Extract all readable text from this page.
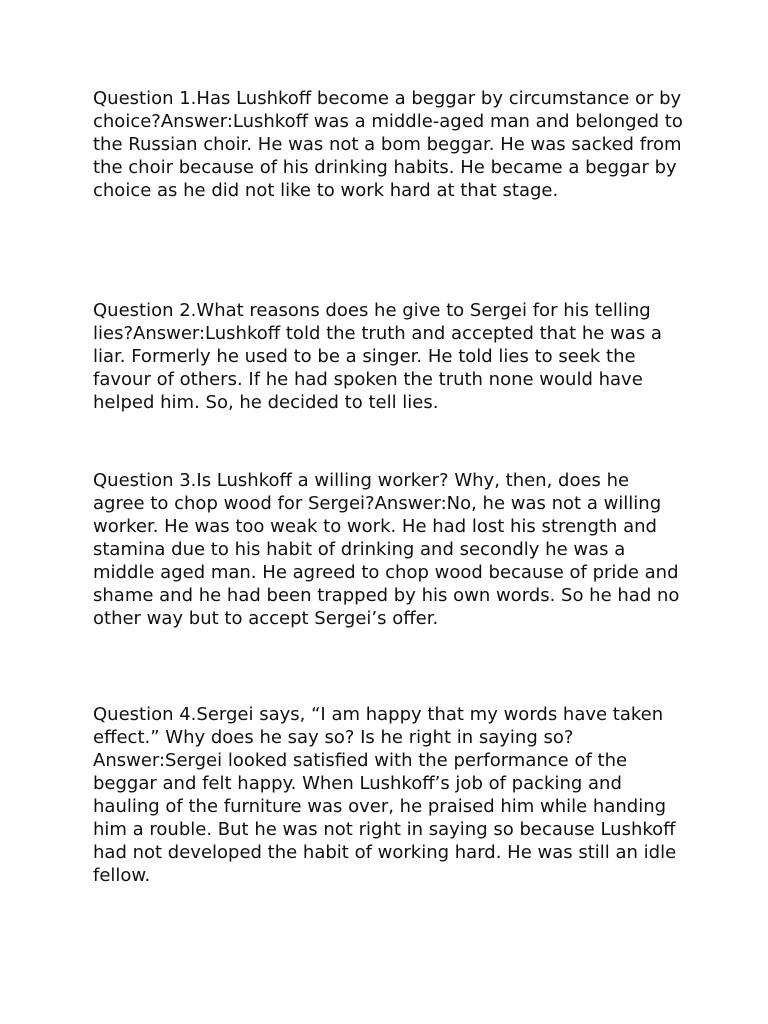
Question 1.Has Lushkoff become a beggar by circumstance or by choice?Answer:Lushkoff was a middle-aged man and belonged to the Russian choir. He was not a bom beggar. He was sacked from the choir because of his drinking habits. He became a beggar by choice as he did not like to work hard at that stage.

Question 2.What reasons does he give to Sergei for his telling lies?Answer:Lushkoff told the truth and accepted that he was a liar. Formerly he used to be a singer. He told lies to seek the favour of others. If he had spoken the truth none would have helped him. So, he decided to tell lies.

Question 3.Is Lushkoff a willing worker? Why, then, does he agree to chop wood for Sergei?Answer:No, he was not a willing worker. He was too weak to work. He had lost his strength and stamina due to his habit of drinking and secondly he was a middle aged man. He agreed to chop wood because of pride and shame and he had been trapped by his own words. So he had no other way but to accept Sergei’s offer.

Question 4.Sergei says, “I am happy that my words have taken effect.” Why does he say so? Is he right in saying so?Answer:Sergei looked satisfied with the performance of the beggar and felt happy. When Lushkoff’s job of packing and hauling of the furniture was over, he praised him while handing him a rouble. But he was not right in saying so because Lushkoff had not developed the habit of working hard. He was still an idle fellow.
